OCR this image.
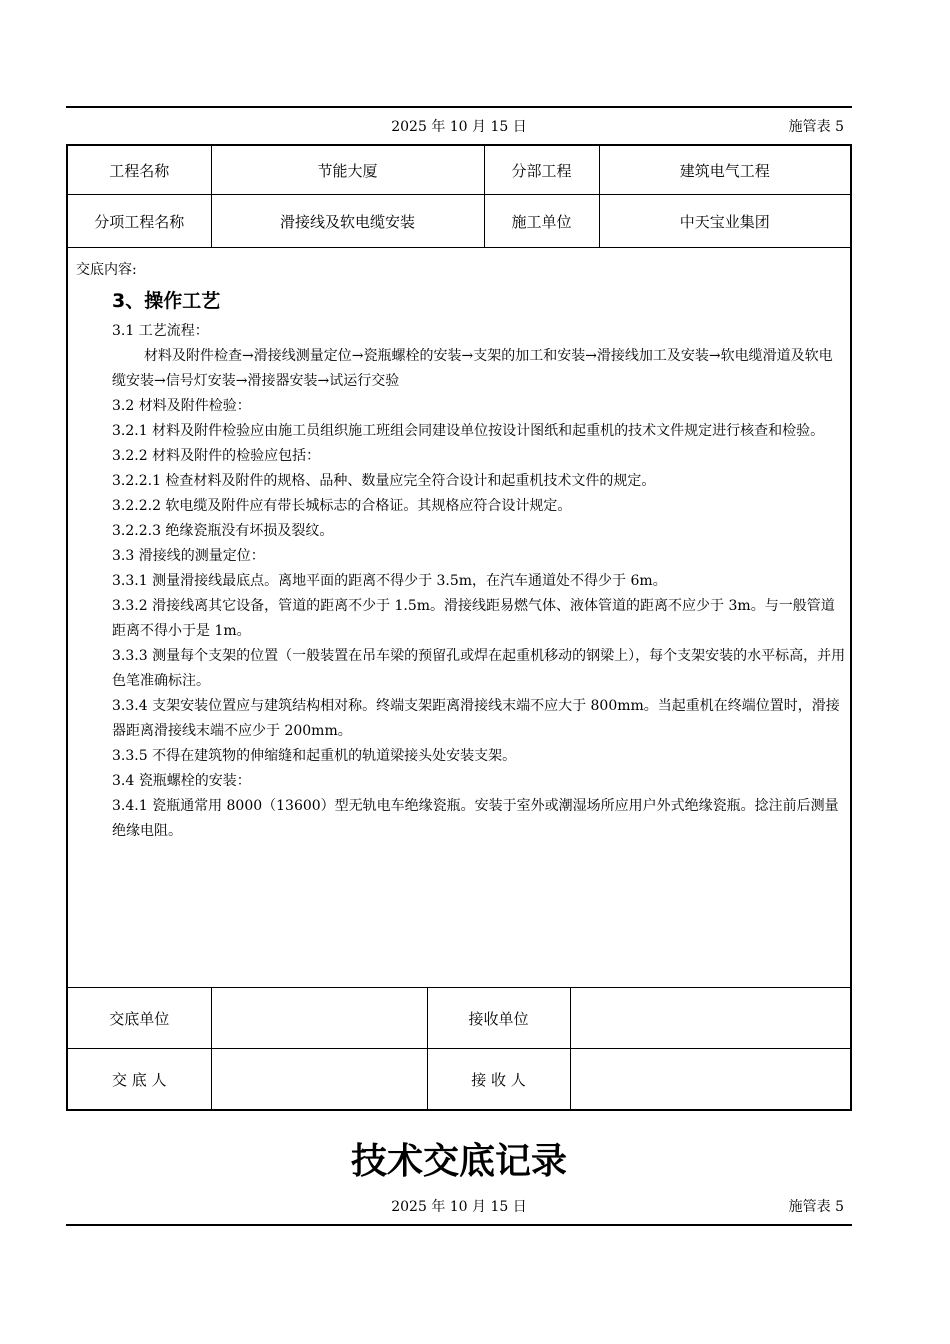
2025 年 10 月 15 日	施管表 5
工程名称	节能大厦	分部工程	建筑电气工程
分项工程名称	滑接线及软电缆安装	施工单位	中天宝业集团
交底内容:
3、操作工艺

3.1 工艺流程：

材料及附件检查→滑接线测量定位→瓷瓶螺栓的安装→支架的加工和安装→滑接线加工及安装→软电缆滑道及软电缆安装→信号灯安装→滑接器安装→试运行交验

3.2 材料及附件检验：

3.2.1 材料及附件检验应由施工员组织施工班组会同建设单位按设计图纸和起重机的技术文件规定进行核查和检验。

3.2.2 材料及附件的检验应包括：

3.2.2.1 检查材料及附件的规格、品种、数量应完全符合设计和起重机技术文件的规定。

3.2.2.2 软电缆及附件应有带长城标志的合格证。其规格应符合设计规定。

3.2.2.3 绝缘瓷瓶没有坏损及裂纹。

3.3 滑接线的测量定位：

3.3.1 测量滑接线最底点。离地平面的距离不得少于 3.5m，在汽车通道处不得少于 6m。

3.3.2 滑接线离其它设备，管道的距离不少于 1.5m。滑接线距易燃气体、液体管道的距离不应少于 3m。与一般管道距离不得小于是 1m。

3.3.3 测量每个支架的位置（一般装置在吊车梁的预留孔或焊在起重机移动的钢梁上），每个支架安装的水平标高，并用色笔准确标注。

3.3.4 支架安装位置应与建筑结构相对称。终端支架距离滑接线末端不应大于 800mm。当起重机在终端位置时，滑接器距离滑接线末端不应少于 200mm。

3.3.5 不得在建筑物的伸缩缝和起重机的轨道梁接头处安装支架。

3.4 瓷瓶螺栓的安装：

3.4.1 瓷瓶通常用 8000（13600）型无轨电车绝缘瓷瓶。安装于室外或潮湿场所应用户外式绝缘瓷瓶。捻注前后测量绝缘电阻。

交底单位		接收单位	
交 底 人		接 收 人	
技术交底记录
2025 年 10 月 15 日	施管表 5
